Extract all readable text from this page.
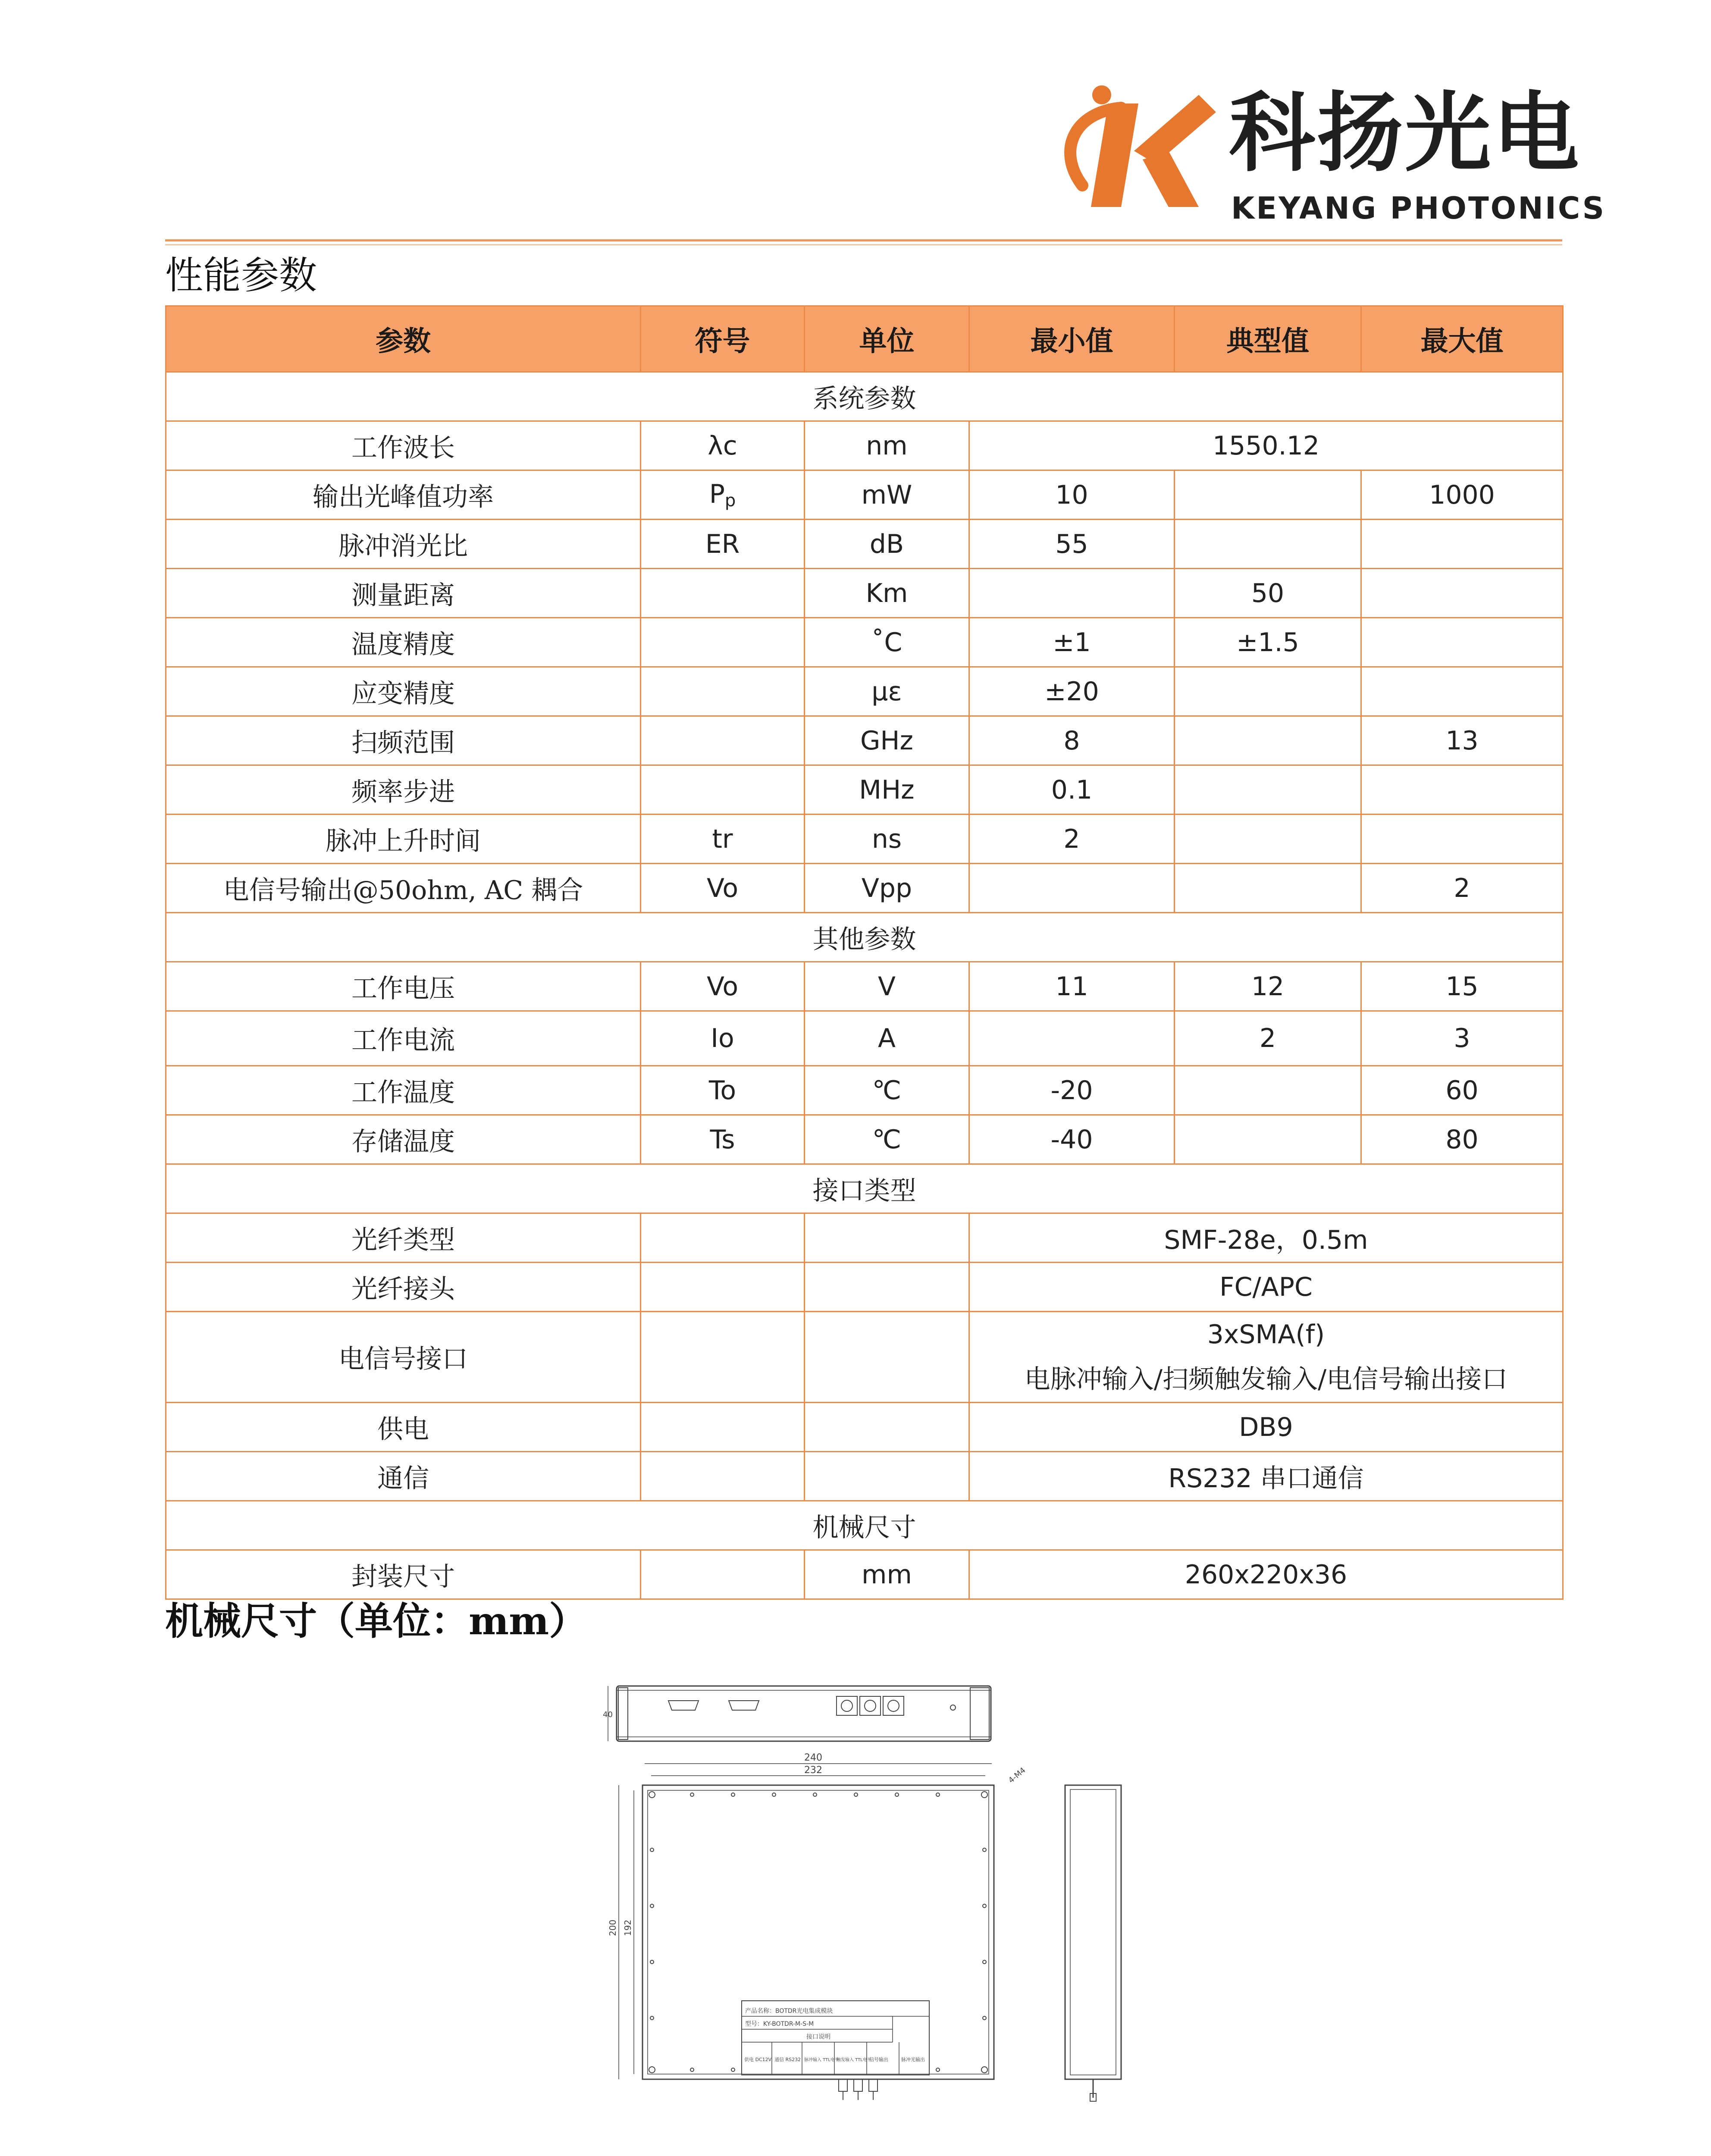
科扬光电
KEYANG PHOTONICS
性能参数
参数	符号	单位	最小值	典型值	最大值
系统参数					
工作波长	λc	nm	1550.12		
输出光峰值功率	$P_p$	mW	10		1000
脉冲消光比	ER	dB	55		
测量距离		Km		50	
温度精度		˚C	±1	±1.5	
应变精度		με	±20		
扫频范围		GHz	8		13
频率步进		MHz	0.1		
脉冲上升时间	tr	ns	2		
电信号输出@50ohm, AC 耦合	Vo	Vpp			2
其他参数					
工作电压	Vo	V	11	12	15
工作电流	Io	A		2	3
工作温度	To	℃	-20		60
存储温度	Ts	℃	-40		80
接口类型					
光纤类型			SMF-28e，0.5m		
光纤接头			FC/APC		
电信号接口			3xSMA(f)
电脉冲输入/扫频触发输入/电信号输出接口		

供电			DB9		
通信			RS232 串口通信		
机械尺寸					
封装尺寸		mm	260x220x36		
机械尺寸（单位：mm）
40
240
232	4-M4
产品名称：BOTDR光电集成模块
型号：KY-BOTDR-M-S-M
接口说明
供电 DC12V 通信 RS232 脉冲输入 TTL电平
触发输入 TTL电平
信号输出	脉冲光输出
200 192
